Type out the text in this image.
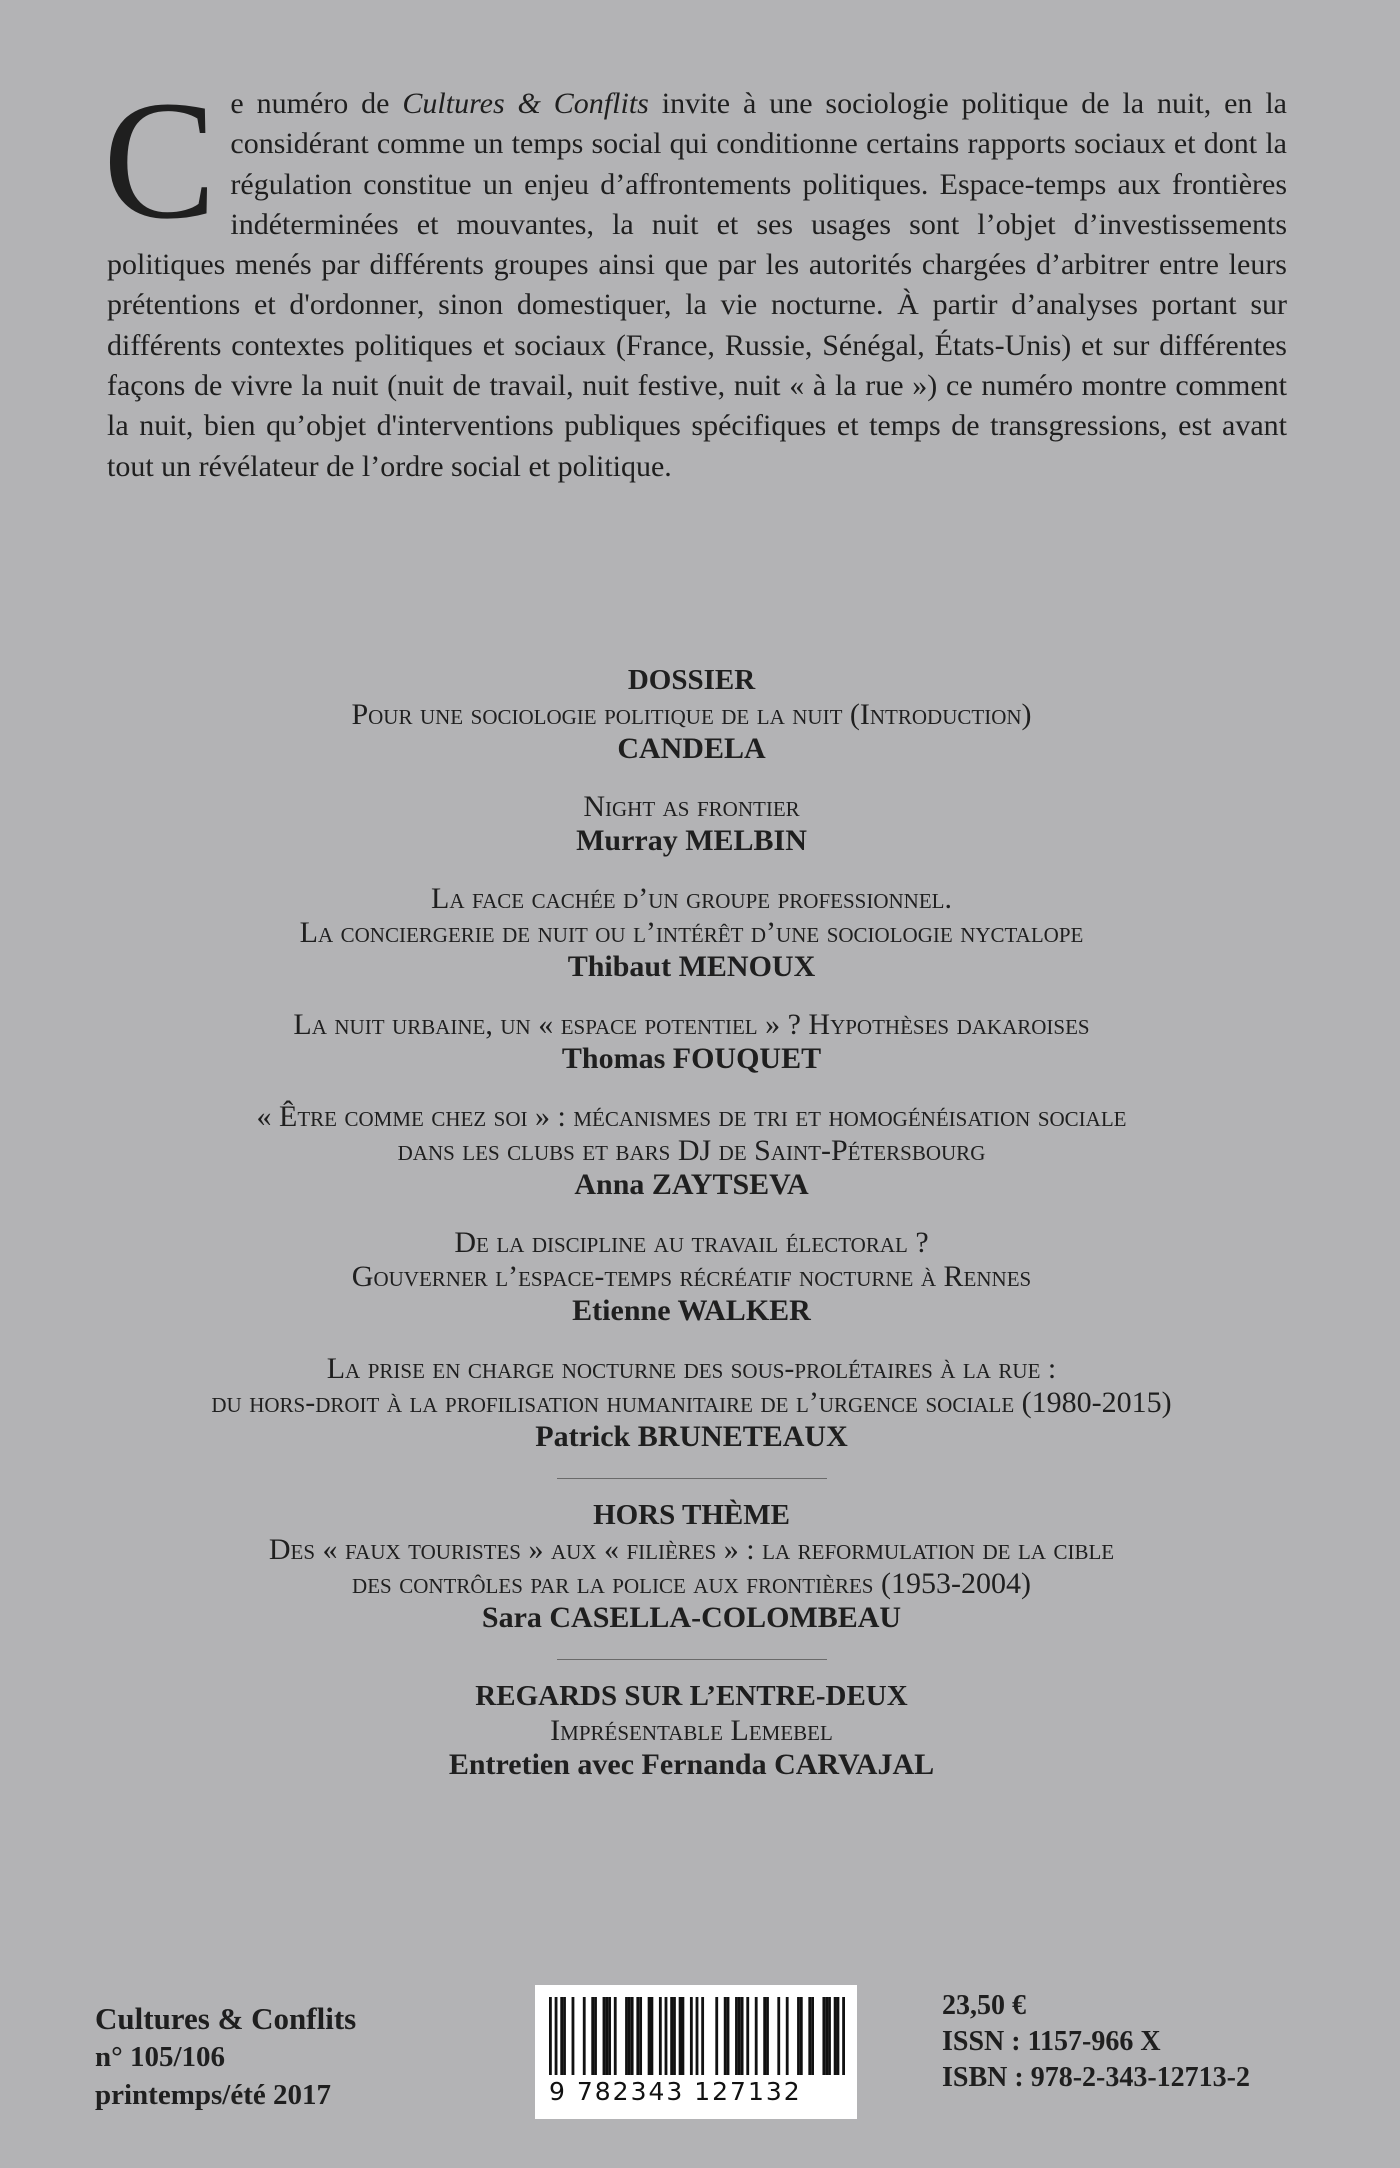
Ce numéro de Cultures & Conflits invite à une sociologie politique de la nuit, en la considérant comme un temps social qui conditionne certains rapports sociaux et dont la régulation constitue un enjeu d’affrontements politiques. Espace-temps aux frontières indéterminées et mouvantes, la nuit et ses usages sont l’objet d’investissements politiques menés par différents groupes ainsi que par les autorités chargées d’arbitrer entre leurs prétentions et d'ordonner, sinon domestiquer, la vie nocturne. À partir d’analyses portant sur différents contextes politiques et sociaux (France, Russie, Sénégal, États-Unis) et sur différentes façons de vivre la nuit (nuit de travail, nuit festive, nuit « à la rue ») ce numéro montre comment la nuit, bien qu’objet d'interventions publiques spécifiques et temps de transgressions, est avant tout un révélateur de l’ordre social et politique.

DOSSIER

Pour une sociologie politique de la nuit (Introduction)

CANDELA

Night as frontier

Murray MELBIN

La face cachée d’un groupe professionnel.

La conciergerie de nuit ou l’intérêt d’une sociologie nyctalope

Thibaut MENOUX

La nuit urbaine, un « espace potentiel » ? Hypothèses dakaroises

Thomas FOUQUET

« Être comme chez soi » : mécanismes de tri et homogénéisation sociale

dans les clubs et bars DJ de Saint-Pétersbourg

Anna ZAYTSEVA

De la discipline au travail électoral ?

Gouverner l’espace-temps récréatif nocturne à Rennes

Etienne WALKER

La prise en charge nocturne des sous-prolétaires à la rue :

du hors-droit à la profilisation humanitaire de l’urgence sociale (1980-2015)

Patrick BRUNETEAUX

HORS THÈME

Des « faux touristes » aux « filières » : la reformulation de la cible

des contrôles par la police aux frontières (1953-2004)

Sara CASELLA-COLOMBEAU

REGARDS SUR L’ENTRE-DEUX

Imprésentable Lemebel

Entretien avec Fernanda CARVAJAL

Cultures & Conflits
n° 105/106
printemps/été 2017	9 782343 127132
23,50 €
ISSN : 1157-966 X
ISBN : 978-2-343-12713-2
